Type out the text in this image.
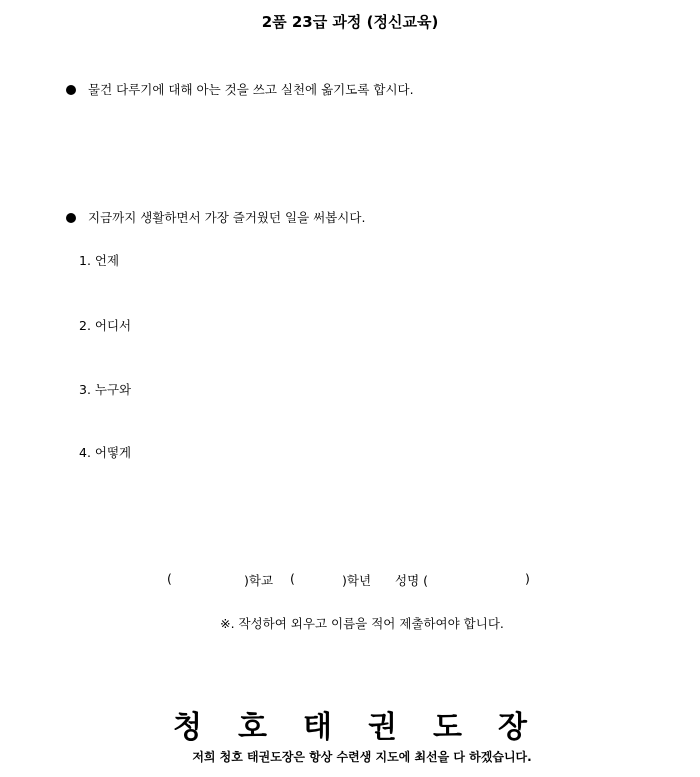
2품 23급 과정 (정신교육)
물건 다루기에 대해 아는 것을 쓰고 실천에 옮기도록 합시다.
지금까지 생활하면서 가장 즐거웠던 일을 써봅시다.
1. 언제
2. 어디서
3. 누구와
4. 어떻게
(	)학교 (	)학년 성명 (	)
※. 작성하여 외우고 이름을 적어 제출하여야 합니다.
청호태권도장
저희 청호 태권도장은 항상 수련생 지도에 최선을 다 하겠습니다.
